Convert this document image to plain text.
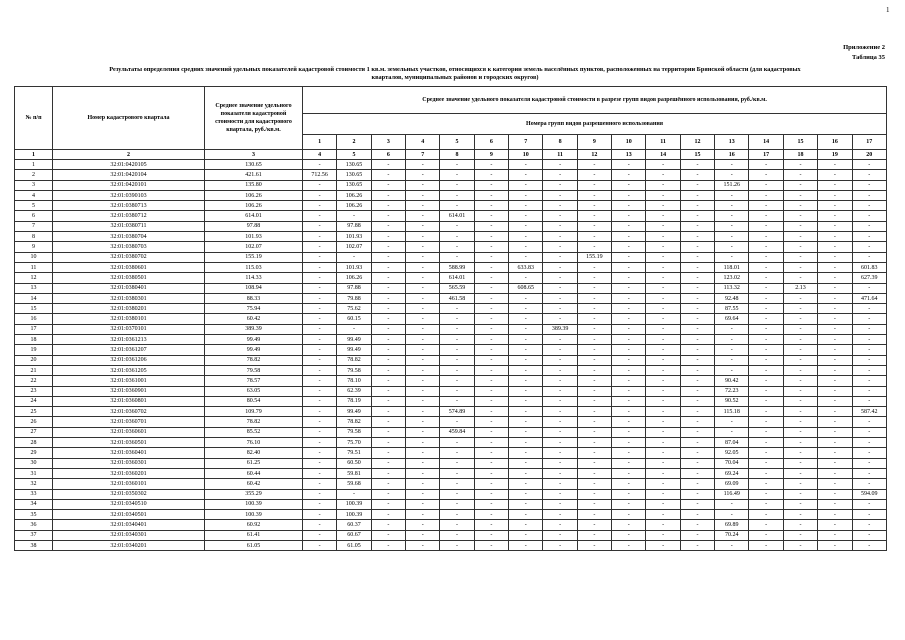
1
Приложение 2
Таблица 35
Результаты определения средних значений удельных показателей кадастровой стоимости 1 кв.м. земельных участков, относящихся к категории земель населённых пунктов, расположенных на территории Брянской области (для кадастровых
кварталов, муниципальных районов и городских округов)
№ п/п	Номер кадастрового квартала	Среднее значение удельного показателя кадастровой стоимости для кадастрового квартала, руб./кв.м.	Среднее значение удельного показателя кадастровой стоимости в разрезе групп видов разрешённого использования, руб./кв.м.																
			Номера групп видов разрешенного использования																
			1	2	3	4	5	6	7	8	9	10	11	12	13	14	15	16	17
1	2	3	4	5	6	7	8	9	10	11	12	13	14	15	16	17	18	19	20
1	32:01:0420105	130.65	-	130.65	-	-	-	-	-	-	-	-	-	-	-	-	-	-	-
2	32:01:0420104	421.61	712.56	130.65	-	-	-	-	-	-	-	-	-	-	-	-	-	-	-
3	32:01:0420101	135.80	-	130.65	-	-	-	-	-	-	-	-	-	-	151.26	-	-	-	-
4	32:01:0390103	106.26	-	106.26	-	-	-	-	-	-	-	-	-	-	-	-	-	-	-
5	32:01:0380713	106.26	-	106.26	-	-	-	-	-	-	-	-	-	-	-	-	-	-	-
6	32:01:0380712	614.01	-	-	-	-	614.01	-	-	-	-	-	-	-	-	-	-	-	-
7	32:01:0380711	97.88	-	97.88	-	-	-	-	-	-	-	-	-	-	-	-	-	-	-
8	32:01:0380704	101.93	-	101.93	-	-	-	-	-	-	-	-	-	-	-	-	-	-	-
9	32:01:0380703	102.07	-	102.07	-	-	-	-	-	-	-	-	-	-	-	-	-	-	-
10	32:01:0380702	155.19	-	-	-	-	-	-	-	-	155.19	-	-	-	-	-	-	-	-
11	32:01:0380601	115.03	-	101.93	-	-	588.99	-	633.83	-	-	-	-	-	118.01	-	-	-	601.83
12	32:01:0380501	114.33	-	106.26	-	-	614.01	-	-	-	-	-	-	-	123.02	-	-	-	627.39
13	32:01:0380401	108.94	-	97.88	-	-	565.59	-	608.65	-	-	-	-	-	113.32	-	2.13	-	-
14	32:01:0380301	88.33	-	79.88	-	-	461.58	-	-	-	-	-	-	-	92.48	-	-	-	471.64
15	32:01:0380201	75.94	-	75.62	-	-	-	-	-	-	-	-	-	-	87.55	-	-	-	-
16	32:01:0380101	60.42	-	60.15	-	-	-	-	-	-	-	-	-	-	69.64	-	-	-	-
17	32:01:0370101	389.39	-	-	-	-	-	-	-	389.39	-	-	-	-	-	-	-	-	-
18	32:01:0361213	99.49	-	99.49	-	-	-	-	-	-	-	-	-	-	-	-	-	-	-
19	32:01:0361207	99.49	-	99.49	-	-	-	-	-	-	-	-	-	-	-	-	-	-	-
20	32:01:0361206	78.82	-	78.82	-	-	-	-	-	-	-	-	-	-	-	-	-	-	-
21	32:01:0361205	79.58	-	79.58	-	-	-	-	-	-	-	-	-	-	-	-	-	-	-
22	32:01:0361001	78.57	-	78.10	-	-	-	-	-	-	-	-	-	-	90.42	-	-	-	-
23	32:01:0360901	63.05	-	62.39	-	-	-	-	-	-	-	-	-	-	72.23	-	-	-	-
24	32:01:0360801	80.54	-	78.19	-	-	-	-	-	-	-	-	-	-	90.52	-	-	-	-
25	32:01:0360702	109.79	-	99.49	-	-	574.89	-	-	-	-	-	-	-	115.18	-	-	-	587.42
26	32:01:0360701	78.82	-	78.82	-	-	-	-	-	-	-	-	-	-	-	-	-	-	-
27	32:01:0360601	85.52	-	79.58	-	-	459.84	-	-	-	-	-	-	-	-	-	-	-	-
28	32:01:0360501	76.10	-	75.70	-	-	-	-	-	-	-	-	-	-	87.04	-	-	-	-
29	32:01:0360401	82.40	-	79.51	-	-	-	-	-	-	-	-	-	-	92.05	-	-	-	-
30	32:01:0360301	61.25	-	60.50	-	-	-	-	-	-	-	-	-	-	70.04	-	-	-	-
31	32:01:0360201	60.44	-	59.81	-	-	-	-	-	-	-	-	-	-	69.24	-	-	-	-
32	32:01:0360101	60.42	-	59.68	-	-	-	-	-	-	-	-	-	-	69.09	-	-	-	-
33	32:01:0350302	355.29	-	-	-	-	-	-	-	-	-	-	-	-	116.49	-	-	-	594.09
34	32:01:0340510	100.39	-	100.39	-	-	-	-	-	-	-	-	-	-	-	-	-	-	-
35	32:01:0340501	100.39	-	100.39	-	-	-	-	-	-	-	-	-	-	-	-	-	-	-
36	32:01:0340401	60.92	-	60.37	-	-	-	-	-	-	-	-	-	-	69.89	-	-	-	-
37	32:01:0340301	61.41	-	60.67	-	-	-	-	-	-	-	-	-	-	70.24	-	-	-	-
38	32:01:0340201	61.05	-	61.05	-	-	-	-	-	-	-	-	-	-	-	-	-	-	-
